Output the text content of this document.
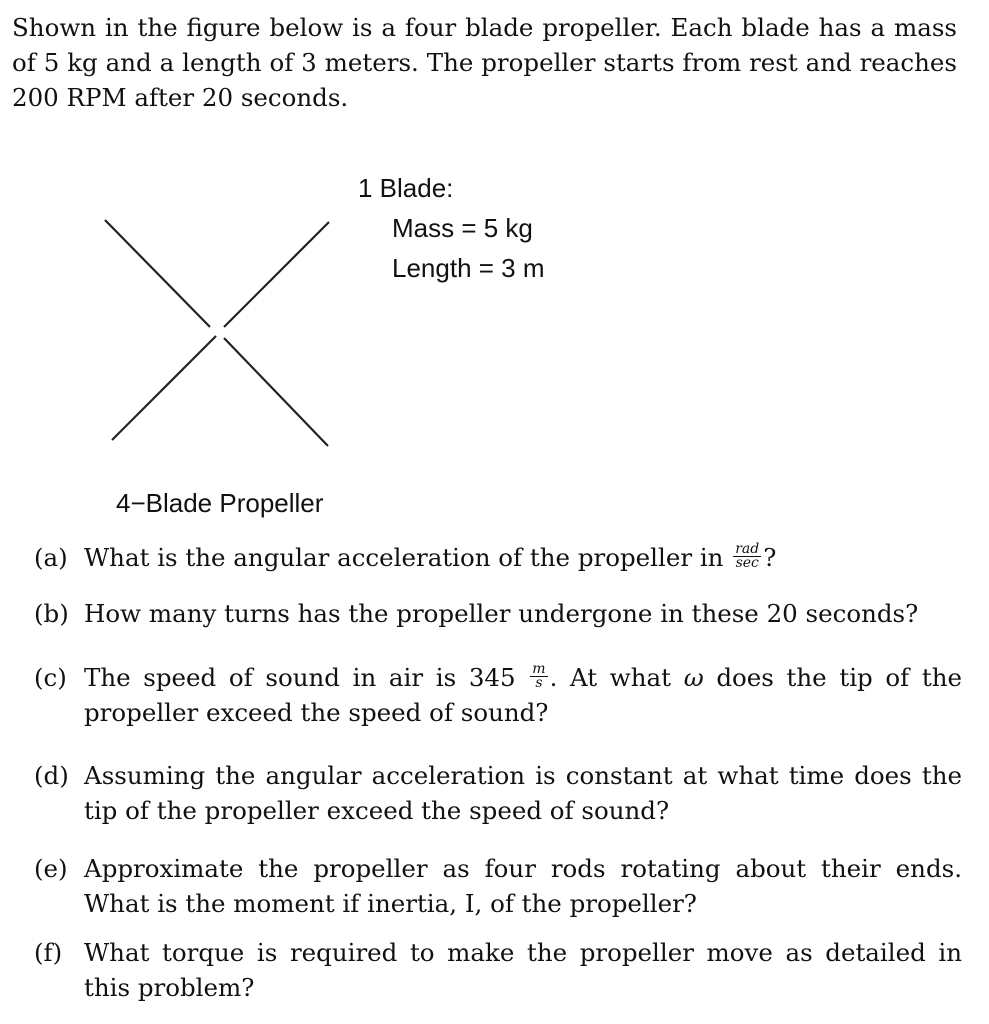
Shown in the figure below is a four blade propeller. Each blade has a mass of 5 kg and a length of 3 meters. The propeller starts from rest and reaches 200 RPM after 20 seconds.

1 Blade:
Mass = 5 kg
Length = 3 m
4−Blade Propeller
(a) What is the angular acceleration of the propeller in $\frac{\text{rad}}{\sec}$ ?
(b) How many turns has the propeller undergone in these 20 seconds?
(c) The speed of sound in air is $345 \frac{m}{s}$ . At what ω does the tip of the propeller exceed the speed of sound?
(d) Assuming the angular acceleration is constant at what time does the tip of the propeller exceed the speed of sound?
(e) Approximate the propeller as four rods rotating about their ends. What is the moment if inertia, I, of the propeller?
(f) What torque is required to make the propeller move as detailed in this problem?
